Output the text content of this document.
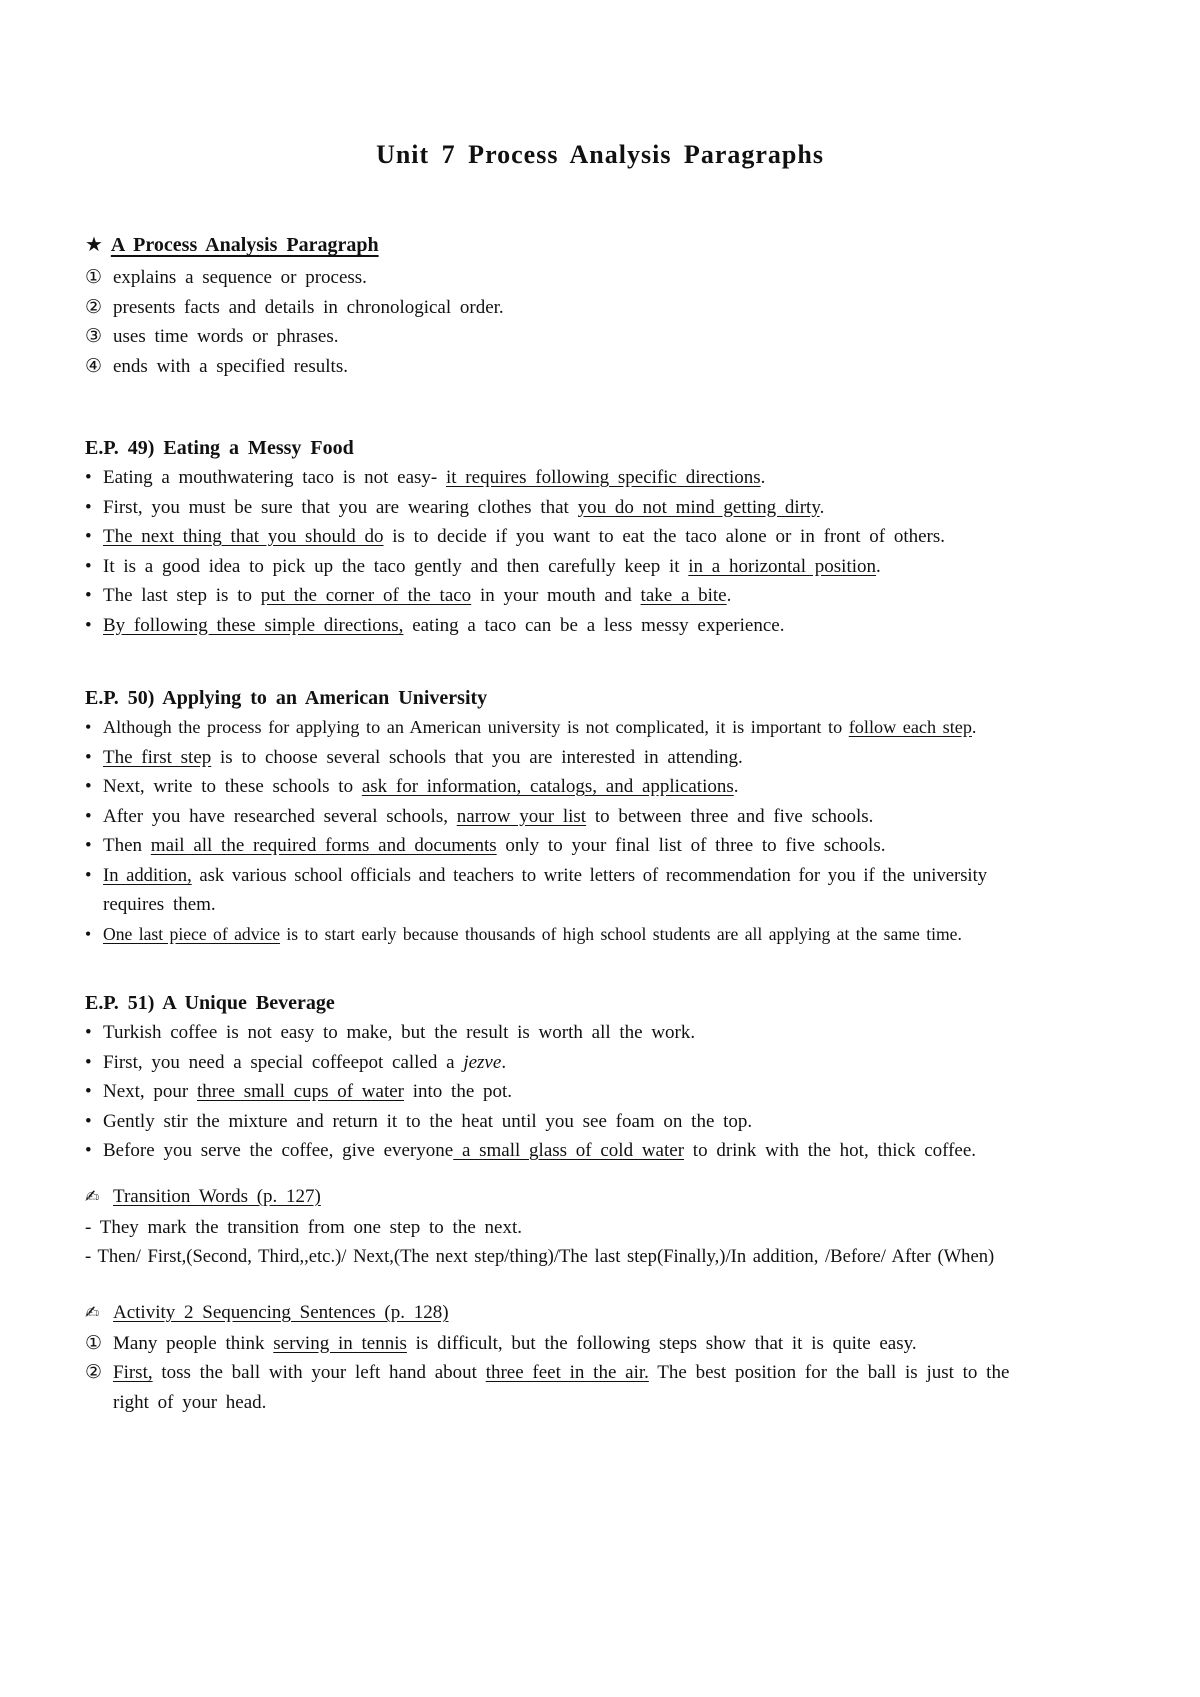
Unit 7 Process Analysis Paragraphs
★ A Process Analysis Paragraph
① explains a sequence or process.
② presents facts and details in chronological order.
③ uses time words or phrases.
④ ends with a specified results.
E.P. 49) Eating a Messy Food
• Eating a mouthwatering taco is not easy- it requires following specific directions.
• First, you must be sure that you are wearing clothes that you do not mind getting dirty.
• The next thing that you should do is to decide if you want to eat the taco alone or in front of others.
• It is a good idea to pick up the taco gently and then carefully keep it in a horizontal position.
• The last step is to put the corner of the taco in your mouth and take a bite.
• By following these simple directions, eating a taco can be a less messy experience.
E.P. 50) Applying to an American University
• Although the process for applying to an American university is not complicated, it is important to follow each step.
• The first step is to choose several schools that you are interested in attending.
• Next, write to these schools to ask for information, catalogs, and applications.
• After you have researched several schools, narrow your list to between three and five schools.
• Then mail all the required forms and documents only to your final list of three to five schools.
• In addition, ask various school officials and teachers to write letters of recommendation for you if the university
requires them.
• One last piece of advice is to start early because thousands of high school students are all applying at the same time.
E.P. 51) A Unique Beverage
• Turkish coffee is not easy to make, but the result is worth all the work.
• First, you need a special coffeepot called a jezve.
• Next, pour three small cups of water into the pot.
• Gently stir the mixture and return it to the heat until you see foam on the top.
• Before you serve the coffee, give everyone a small glass of cold water to drink with the hot, thick coffee.
✍ Transition Words (p. 127)
- They mark the transition from one step to the next.
- Then/ First,(Second, Third,,etc.)/ Next,(The next step/thing)/The last step(Finally,)/In addition, /Before/ After (When)
✍ Activity 2 Sequencing Sentences (p. 128)
① Many people think serving in tennis is difficult, but the following steps show that it is quite easy.
② First, toss the ball with your left hand about three feet in the air. The best position for the ball is just to the
right of your head.
